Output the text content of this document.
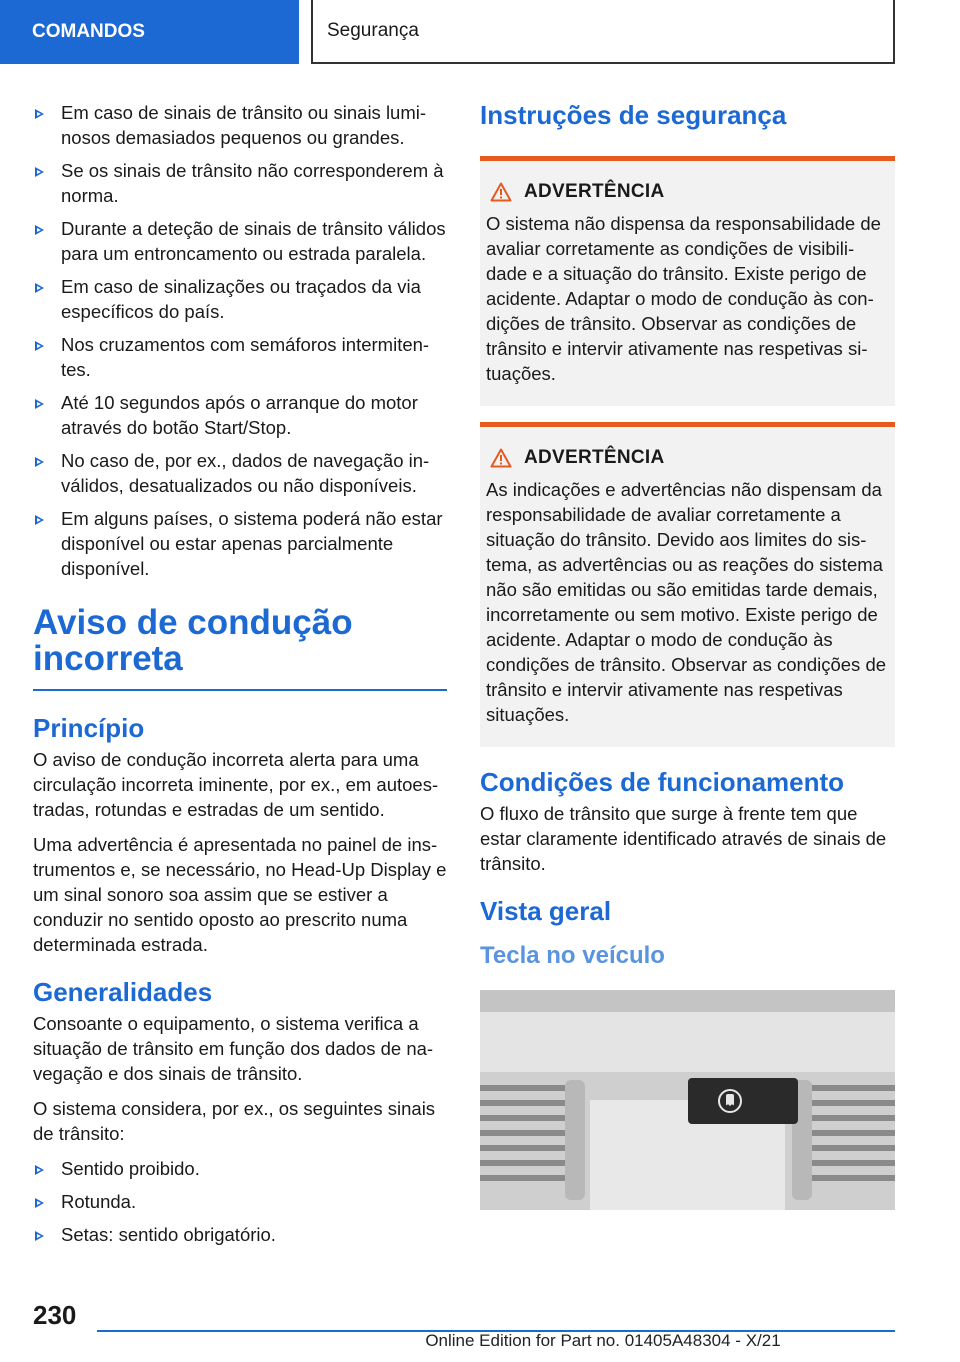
COMANDOS	Segurança
Em caso de sinais de trânsito ou sinais luminosos demasiados pequenos ou grandes.
Se os sinais de trânsito não corresponderem à norma.
Durante a deteção de sinais de trânsito válidos para um entroncamento ou estrada paralela.
Em caso de sinalizações ou traçados da via específicos do país.
Nos cruzamentos com semáforos intermitentes.
Até 10 segundos após o arranque do motor através do botão Start/Stop.
No caso de, por ex., dados de navegação inválidos, desatualizados ou não disponíveis.
Em alguns países, o sistema poderá não estar disponível ou estar apenas parcialmente disponível.
Aviso de condução incorreta
Princípio

O aviso de condução incorreta alerta para uma circulação incorreta iminente, por ex., em autoestradas, rotundas e estradas de um sentido.

Uma advertência é apresentada no painel de instrumentos e, se necessário, no Head-Up Display e um sinal sonoro soa assim que se estiver a conduzir no sentido oposto ao prescrito numa determinada estrada.

Generalidades

Consoante o equipamento, o sistema verifica a situação de trânsito em função dos dados de navegação e dos sinais de trânsito.

O sistema considera, por ex., os seguintes sinais de trânsito:

Sentido proibido.
Rotunda.
Setas: sentido obrigatório.
Instruções de segurança
ADVERTÊNCIA

O sistema não dispensa da responsabilidade de avaliar corretamente as condições de visibilidade e a situação do trânsito. Existe perigo de acidente. Adaptar o modo de condução às condições de trânsito. Observar as condições de trânsito e intervir ativamente nas respetivas situações.

ADVERTÊNCIA

As indicações e advertências não dispensam da responsabilidade de avaliar corretamente a situação do trânsito. Devido aos limites do sistema, as advertências ou as reações do sistema não são emitidas ou são emitidas tarde demais, incorretamente ou sem motivo. Existe perigo de acidente. Adaptar o modo de condução às condições de trânsito. Observar as condições de trânsito e intervir ativamente nas respetivas situações.

Condições de funcionamento

O fluxo de trânsito que surge à frente tem que estar claramente identificado através de sinais de trânsito.

Vista geral
Tecla no veículo
230
Online Edition for Part no. 01405A48304 - X/21
